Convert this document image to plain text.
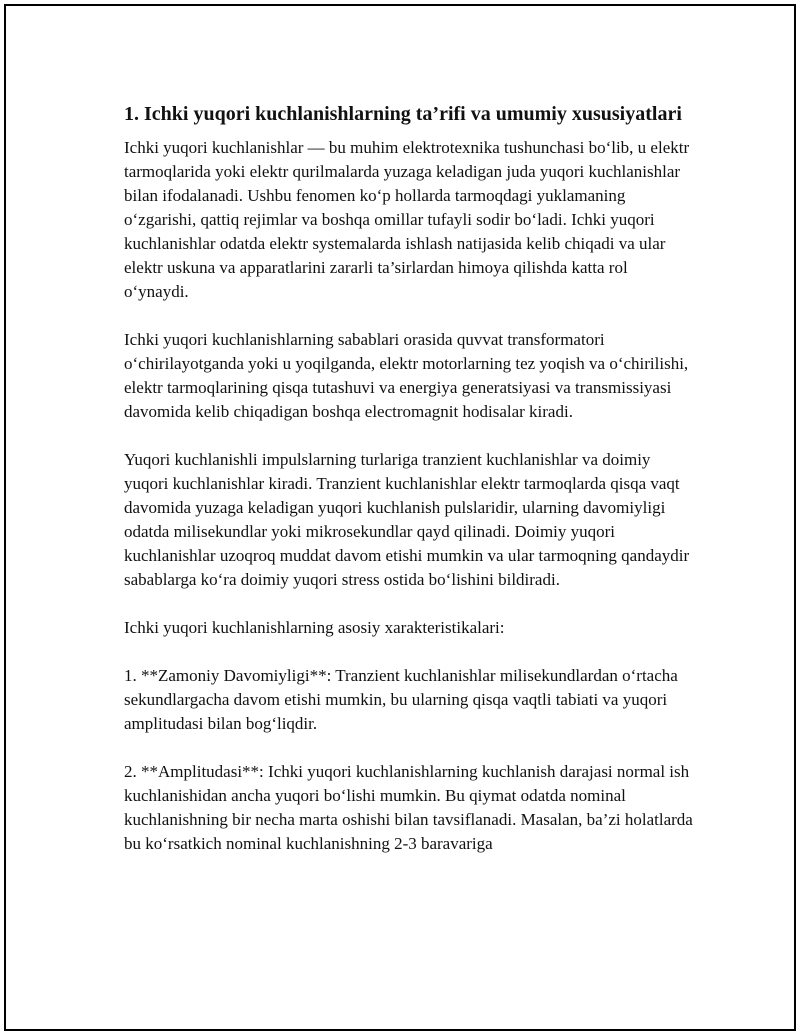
1. Ichki yuqori kuchlanishlarning ta’rifi va umumiy xususiyatlari

Ichki yuqori kuchlanishlar — bu muhim elektrotexnika tushunchasi bo‘lib, u elektr tarmoqlarida yoki elektr qurilmalarda yuzaga keladigan juda yuqori kuchlanishlar bilan ifodalanadi. Ushbu fenomen ko‘p hollarda tarmoqdagi yuklamaning o‘zgarishi, qattiq rejimlar va boshqa omillar tufayli sodir bo‘ladi. Ichki yuqori kuchlanishlar odatda elektr systemalarda ishlash natijasida kelib chiqadi va ular elektr uskuna va apparatlarini zararli ta’sirlardan himoya qilishda katta rol o‘ynaydi.

Ichki yuqori kuchlanishlarning sabablari orasida quvvat transformatori o‘chirilayotganda yoki u yoqilganda, elektr motorlarning tez yoqish va o‘chirilishi, elektr tarmoqlarining qisqa tutashuvi va energiya generatsiyasi va transmissiyasi davomida kelib chiqadigan boshqa electromagnit hodisalar kiradi.

Yuqori kuchlanishli impulslarning turlariga tranzient kuchlanishlar va doimiy yuqori kuchlanishlar kiradi. Tranzient kuchlanishlar elektr tarmoqlarda qisqa vaqt davomida yuzaga keladigan yuqori kuchlanish pulslaridir, ularning davomiyligi odatda milisekundlar yoki mikrosekundlar qayd qilinadi. Doimiy yuqori kuchlanishlar uzoqroq muddat davom etishi mumkin va ular tarmoqning qandaydir sabablarga ko‘ra doimiy yuqori stress ostida bo‘lishini bildiradi.

Ichki yuqori kuchlanishlarning asosiy xarakteristikalari:

1. **Zamoniy Davomiyligi**: Tranzient kuchlanishlar milisekundlardan o‘rtacha sekundlargacha davom etishi mumkin, bu ularning qisqa vaqtli tabiati va yuqori amplitudasi bilan bog‘liqdir.

2. **Amplitudasi**: Ichki yuqori kuchlanishlarning kuchlanish darajasi normal ish kuchlanishidan ancha yuqori bo‘lishi mumkin. Bu qiymat odatda nominal kuchlanishning bir necha marta oshishi bilan tavsiflanadi. Masalan, ba’zi holatlarda bu ko‘rsatkich nominal kuchlanishning 2-3 baravariga
